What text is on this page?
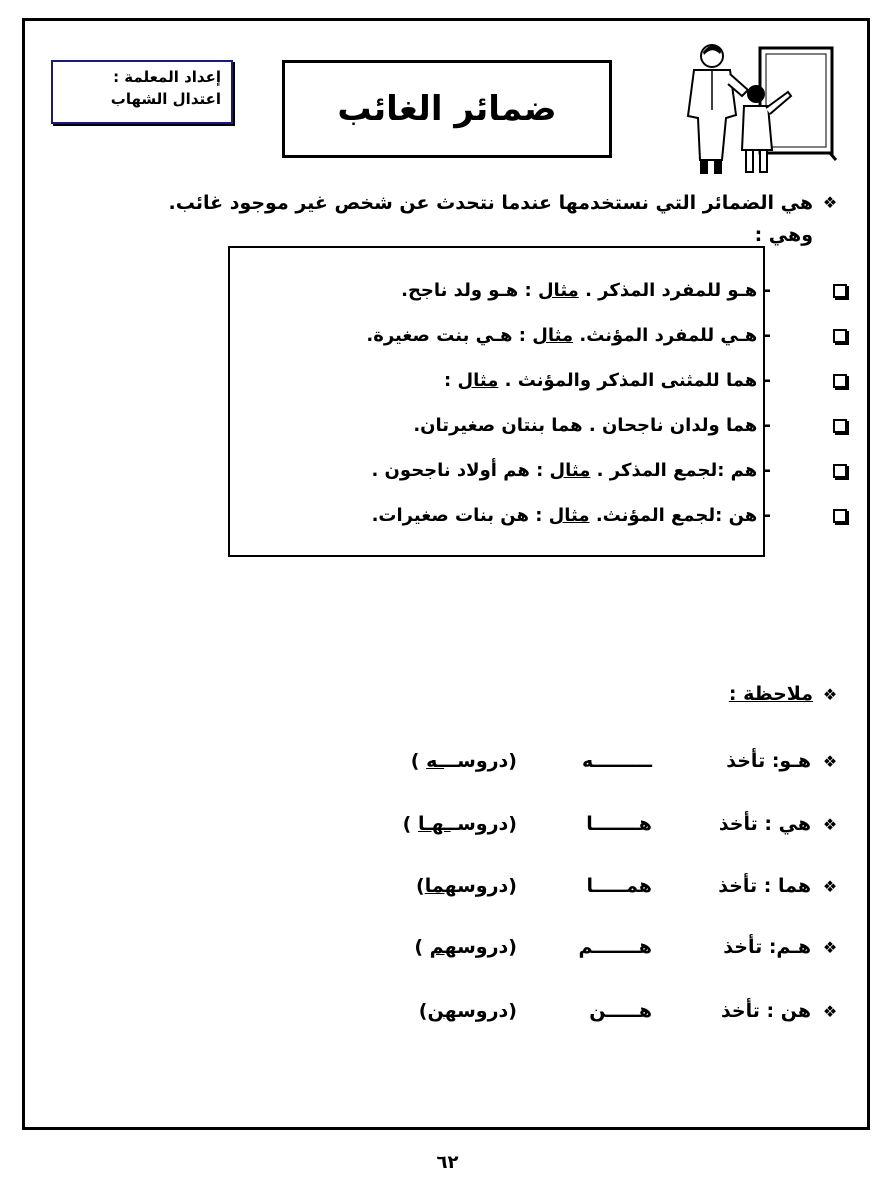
إعداد المعلمة :
اعتدال الشهاب	ضمائر الغائب
❖
هي الضمائر التي نستخدمها عندما نتحدث عن شخص غير موجود غائب.
وهي :
- هـو للمفرد المذكر . مثال : هـو ولد ناجح.
- هـي للمفرد المؤنث. مثال : هـي بنت صغيرة.
- هما للمثنى المذكر والمؤنث . مثال :
- هما ولدان ناجحان . هما بنتان صغيرتان.
- هم :لجمع المذكر . مثال : هم أولاد ناجحون .
- هن :لجمع المؤنث. مثال : هن بنات صغيرات.
❖
ملاحظة :
❖
هـو: تأخذ
ـــــــــه
(دروســـه )
❖
هي : تأخذ
هـــــــا
(دروســهـا )
❖
هما : تأخذ
همـــــا
(دروسهما)
❖
هـم: تأخذ
هـــــــم
(دروسهم )
❖
هن : تأخذ
هـــــن
(دروسهن)
٦٢
